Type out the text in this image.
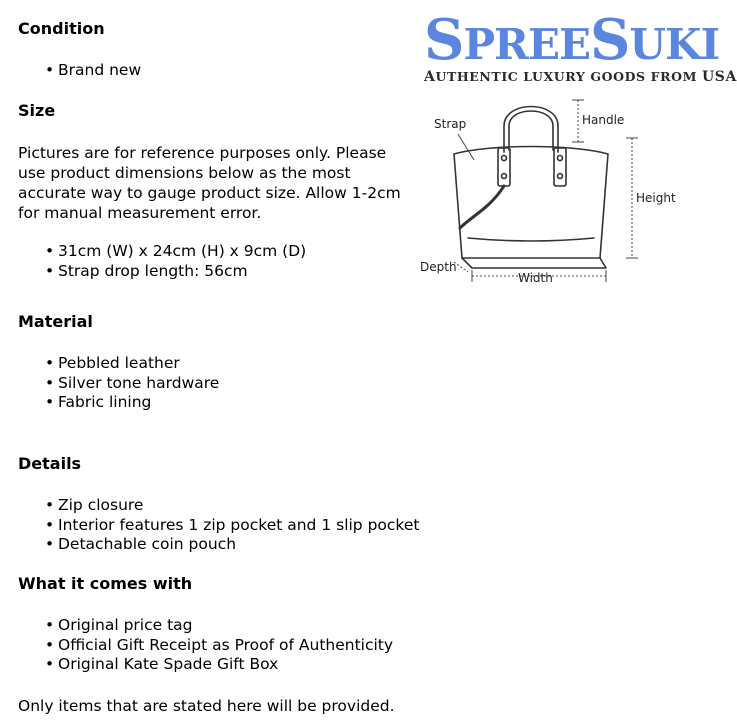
SPREESUKI
AUTHENTIC LUXURY GOODS FROM USA
Strap	Handle
Height
Depth
Width
Condition
• Brand new
Size

Pictures are for reference purposes only. Please use product dimensions below as the most accurate way to gauge product size. Allow 1-2cm for manual measurement error.

• 31cm (W) x 24cm (H) x 9cm (D)
• Strap drop length: 56cm
Material
• Pebbled leather
• Silver tone hardware
• Fabric lining
Details
• Zip closure
• Interior features 1 zip pocket and 1 slip pocket
• Detachable coin pouch
What it comes with
• Original price tag
• Official Gift Receipt as Proof of Authenticity
• Original Kate Spade Gift Box

Only items that are stated here will be provided.
